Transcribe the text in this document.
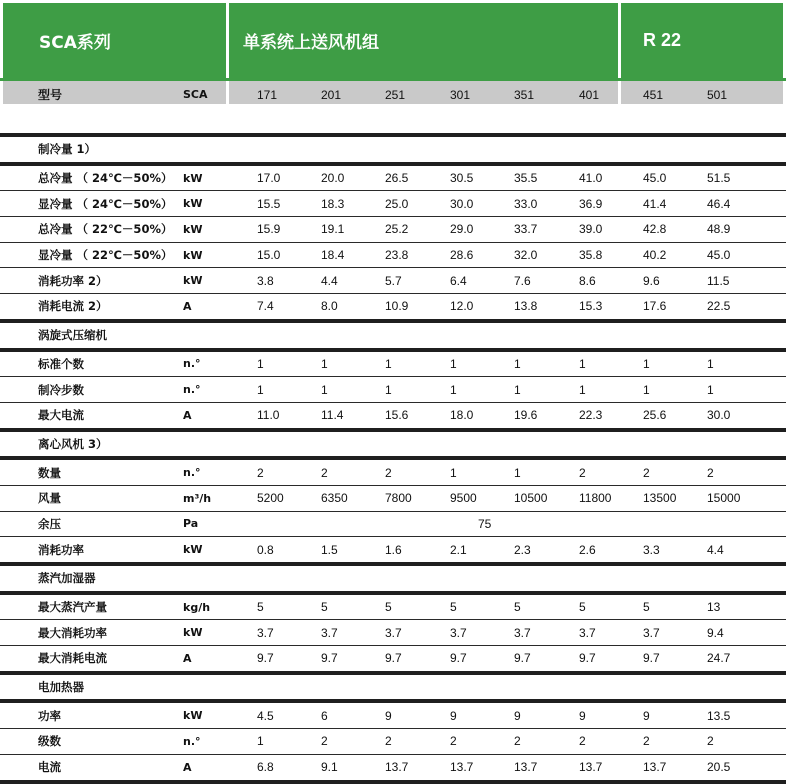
SCA系列	单系统上送风机组	R 22
型号	SCA	171	201	251	301	351	401	451	501
制冷量 1）
总冷量 （ 24℃－50%） kW	17.0	20.0	26.5	30.5	35.5	41.0	45.0	51.5
显冷量 （ 24℃－50%） kW	15.5	18.3	25.0	30.0	33.0	36.9	41.4	46.4
总冷量 （ 22℃－50%） kW	15.9	19.1	25.2	29.0	33.7	39.0	42.8	48.9
显冷量 （ 22℃－50%） kW	15.0	18.4	23.8	28.6	32.0	35.8	40.2	45.0
消耗功率 2）	kW	3.8	4.4	5.7	6.4	7.6	8.6	9.6	11.5
消耗电流 2）	A	7.4	8.0	10.9	12.0	13.8	15.3	17.6	22.5
涡旋式压缩机
标准个数	n.°	1	1	1	1	1	1	1	1
制冷步数	n.°	1	1	1	1	1	1	1	1
最大电流	A	11.0	11.4	15.6	18.0	19.6	22.3	25.6	30.0
离心风机 3）
数量	n.°	2	2	2	1	1	2	2	2
风量	m³/h	5200	6350	7800	9500	10500	11800	13500	15000
余压	Pa	75
消耗功率	kW	0.8	1.5	1.6	2.1	2.3	2.6	3.3	4.4
蒸汽加湿器
最大蒸汽产量	kg/h	5	5	5	5	5	5	5	13
最大消耗功率	kW	3.7	3.7	3.7	3.7	3.7	3.7	3.7	9.4
最大消耗电流	A	9.7	9.7	9.7	9.7	9.7	9.7	9.7	24.7
电加热器
功率	kW	4.5	6	9	9	9	9	9	13.5
级数	n.°	1	2	2	2	2	2	2	2
电流	A	6.8	9.1	13.7	13.7	13.7	13.7	13.7	20.5
